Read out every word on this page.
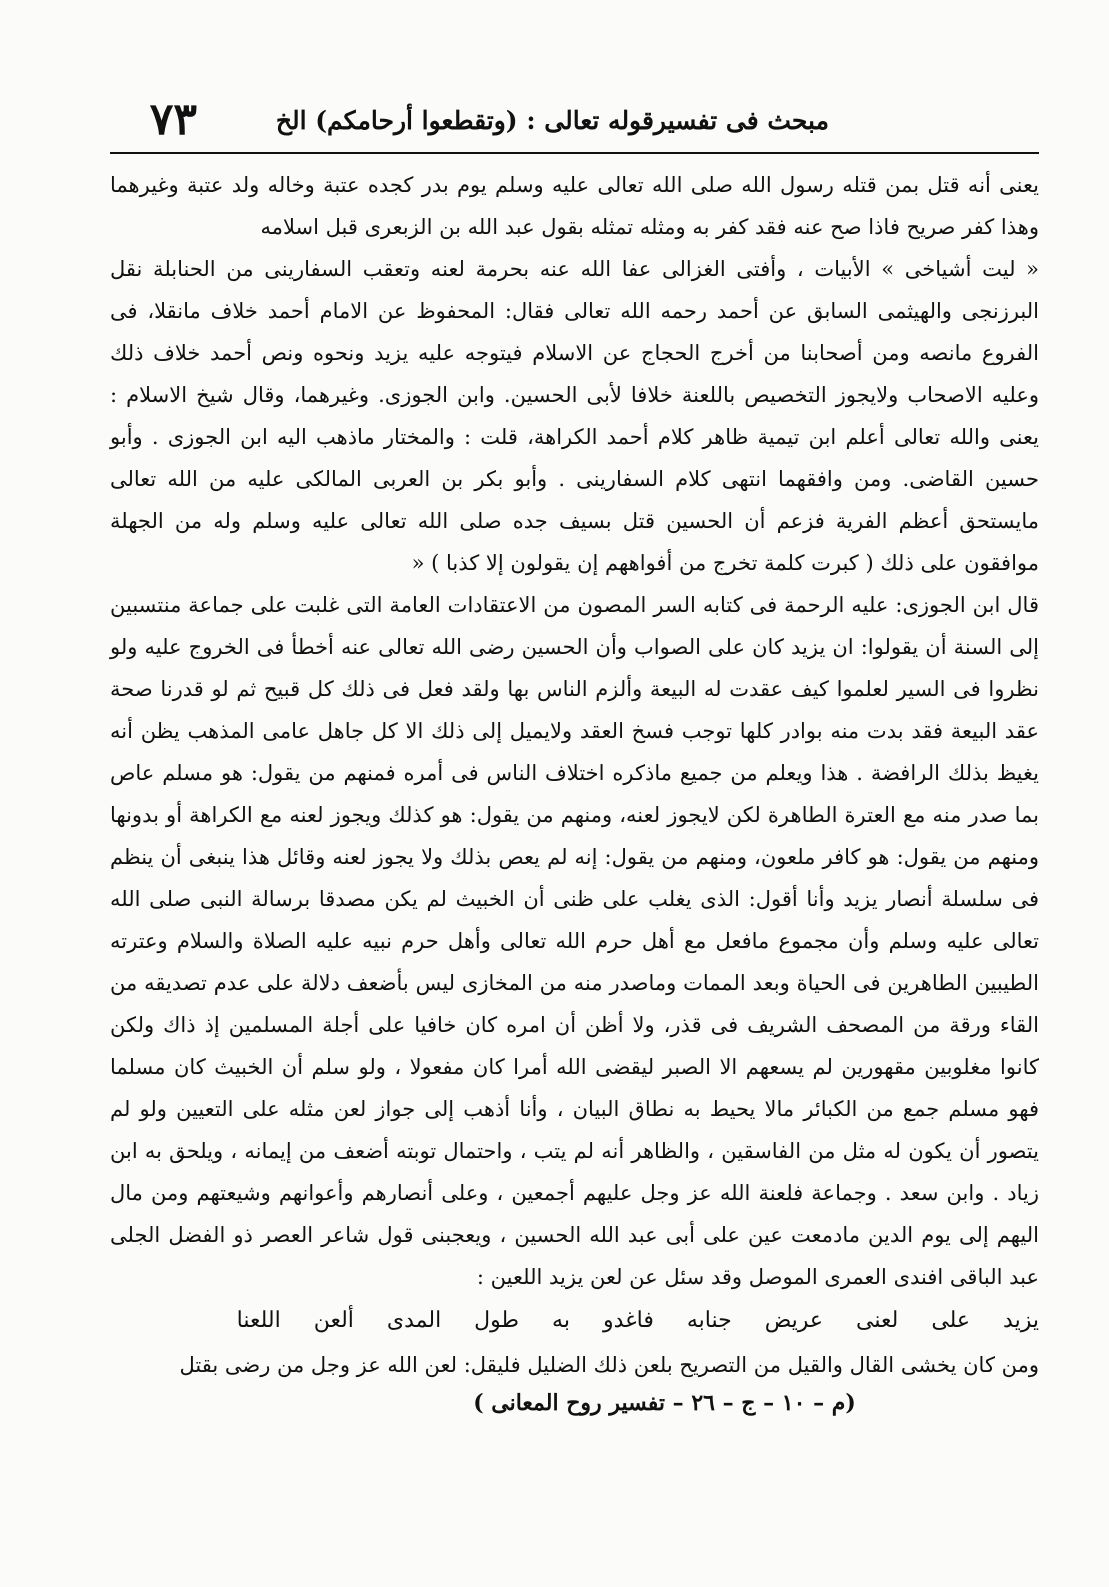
٧٣	مبحث فى تفسيرقوله تعالى : (وتقطعوا أرحامكم) الخ

يعنى أنه قتل بمن قتله رسول الله صلى الله تعالى عليه وسلم يوم بدر كجده عتبة وخاله ولد عتبة وغيرهما وهذا كفر صريح فاذا صح عنه فقد كفر به ومثله تمثله بقول عبد الله بن الزبعرى قبل اسلامه

« ليت أشياخى » الأبيات ، وأفتى الغزالى عفا الله عنه بحرمة لعنه وتعقب السفارينى من الحنابلة نقل البرزنجى والهيثمى السابق عن أحمد رحمه الله تعالى فقال: المحفوظ عن الامام أحمد خلاف مانقلا، فى الفروع مانصه ومن أصحابنا من أخرج الحجاج عن الاسلام فيتوجه عليه يزيد ونحوه ونص أحمد خلاف ذلك وعليه الاصحاب ولايجوز التخصيص باللعنة خلافا لأبى الحسين. وابن الجوزى. وغيرهما، وقال شيخ الاسلام : يعنى والله تعالى أعلم ابن تيمية ظاهر كلام أحمد الكراهة، قلت : والمختار ماذهب اليه ابن الجوزى . وأبو حسين القاضى. ومن وافقهما انتهى كلام السفارينى . وأبو بكر بن العربى المالكى عليه من الله تعالى مايستحق أعظم الفرية فزعم أن الحسين قتل بسيف جده صلى الله تعالى عليه وسلم وله من الجهلة موافقون على ذلك ( كبرت كلمة تخرج من أفواههم إن يقولون إلا كذبا ) «

قال ابن الجوزى: عليه الرحمة فى كتابه السر المصون من الاعتقادات العامة التى غلبت على جماعة منتسبين إلى السنة أن يقولوا: ان يزيد كان على الصواب وأن الحسين رضى الله تعالى عنه أخطأ فى الخروج عليه ولو نظروا فى السير لعلموا كيف عقدت له البيعة وألزم الناس بها ولقد فعل فى ذلك كل قبيح ثم لو قدرنا صحة عقد البيعة فقد بدت منه بوادر كلها توجب فسخ العقد ولايميل إلى ذلك الا كل جاهل عامى المذهب يظن أنه يغيظ بذلك الرافضة . هذا ويعلم من جميع ماذكره اختلاف الناس فى أمره فمنهم من يقول: هو مسلم عاص بما صدر منه مع العترة الطاهرة لكن لايجوز لعنه، ومنهم من يقول: هو كذلك ويجوز لعنه مع الكراهة أو بدونها ومنهم من يقول: هو كافر ملعون، ومنهم من يقول: إنه لم يعص بذلك ولا يجوز لعنه وقائل هذا ينبغى أن ينظم فى سلسلة أنصار يزيد وأنا أقول: الذى يغلب على ظنى أن الخبيث لم يكن مصدقا برسالة النبى صلى الله تعالى عليه وسلم وأن مجموع مافعل مع أهل حرم الله تعالى وأهل حرم نبيه عليه الصلاة والسلام وعترته الطيبين الطاهرين فى الحياة وبعد الممات وماصدر منه من المخازى ليس بأضعف دلالة على عدم تصديقه من القاء ورقة من المصحف الشريف فى قذر، ولا أظن أن امره كان خافيا على أجلة المسلمين إذ ذاك ولكن كانوا مغلوبين مقهورين لم يسعهم الا الصبر ليقضى الله أمرا كان مفعولا ، ولو سلم أن الخبيث كان مسلما فهو مسلم جمع من الكبائر مالا يحيط به نطاق البيان ، وأنا أذهب إلى جواز لعن مثله على التعيين ولو لم يتصور أن يكون له مثل من الفاسقين ، والظاهر أنه لم يتب ، واحتمال توبته أضعف من إيمانه ، ويلحق به ابن زياد . وابن سعد . وجماعة فلعنة الله عز وجل عليهم أجمعين ، وعلى أنصارهم وأعوانهم وشيعتهم ومن مال اليهم إلى يوم الدين مادمعت عين على أبى عبد الله الحسين ، ويعجبنى قول شاعر العصر ذو الفضل الجلى عبد الباقى افندى العمرى الموصل وقد سئل عن لعن يزيد اللعين :

يزيد على لعنى عريض جنابه فاغدو به طول المدى ألعن اللعنا

ومن كان يخشى القال والقيل من التصريح بلعن ذلك الضليل فليقل: لعن الله عز وجل من رضى بقتل

(م – ١٠ – ج – ٢٦ – تفسير روح المعانى )
